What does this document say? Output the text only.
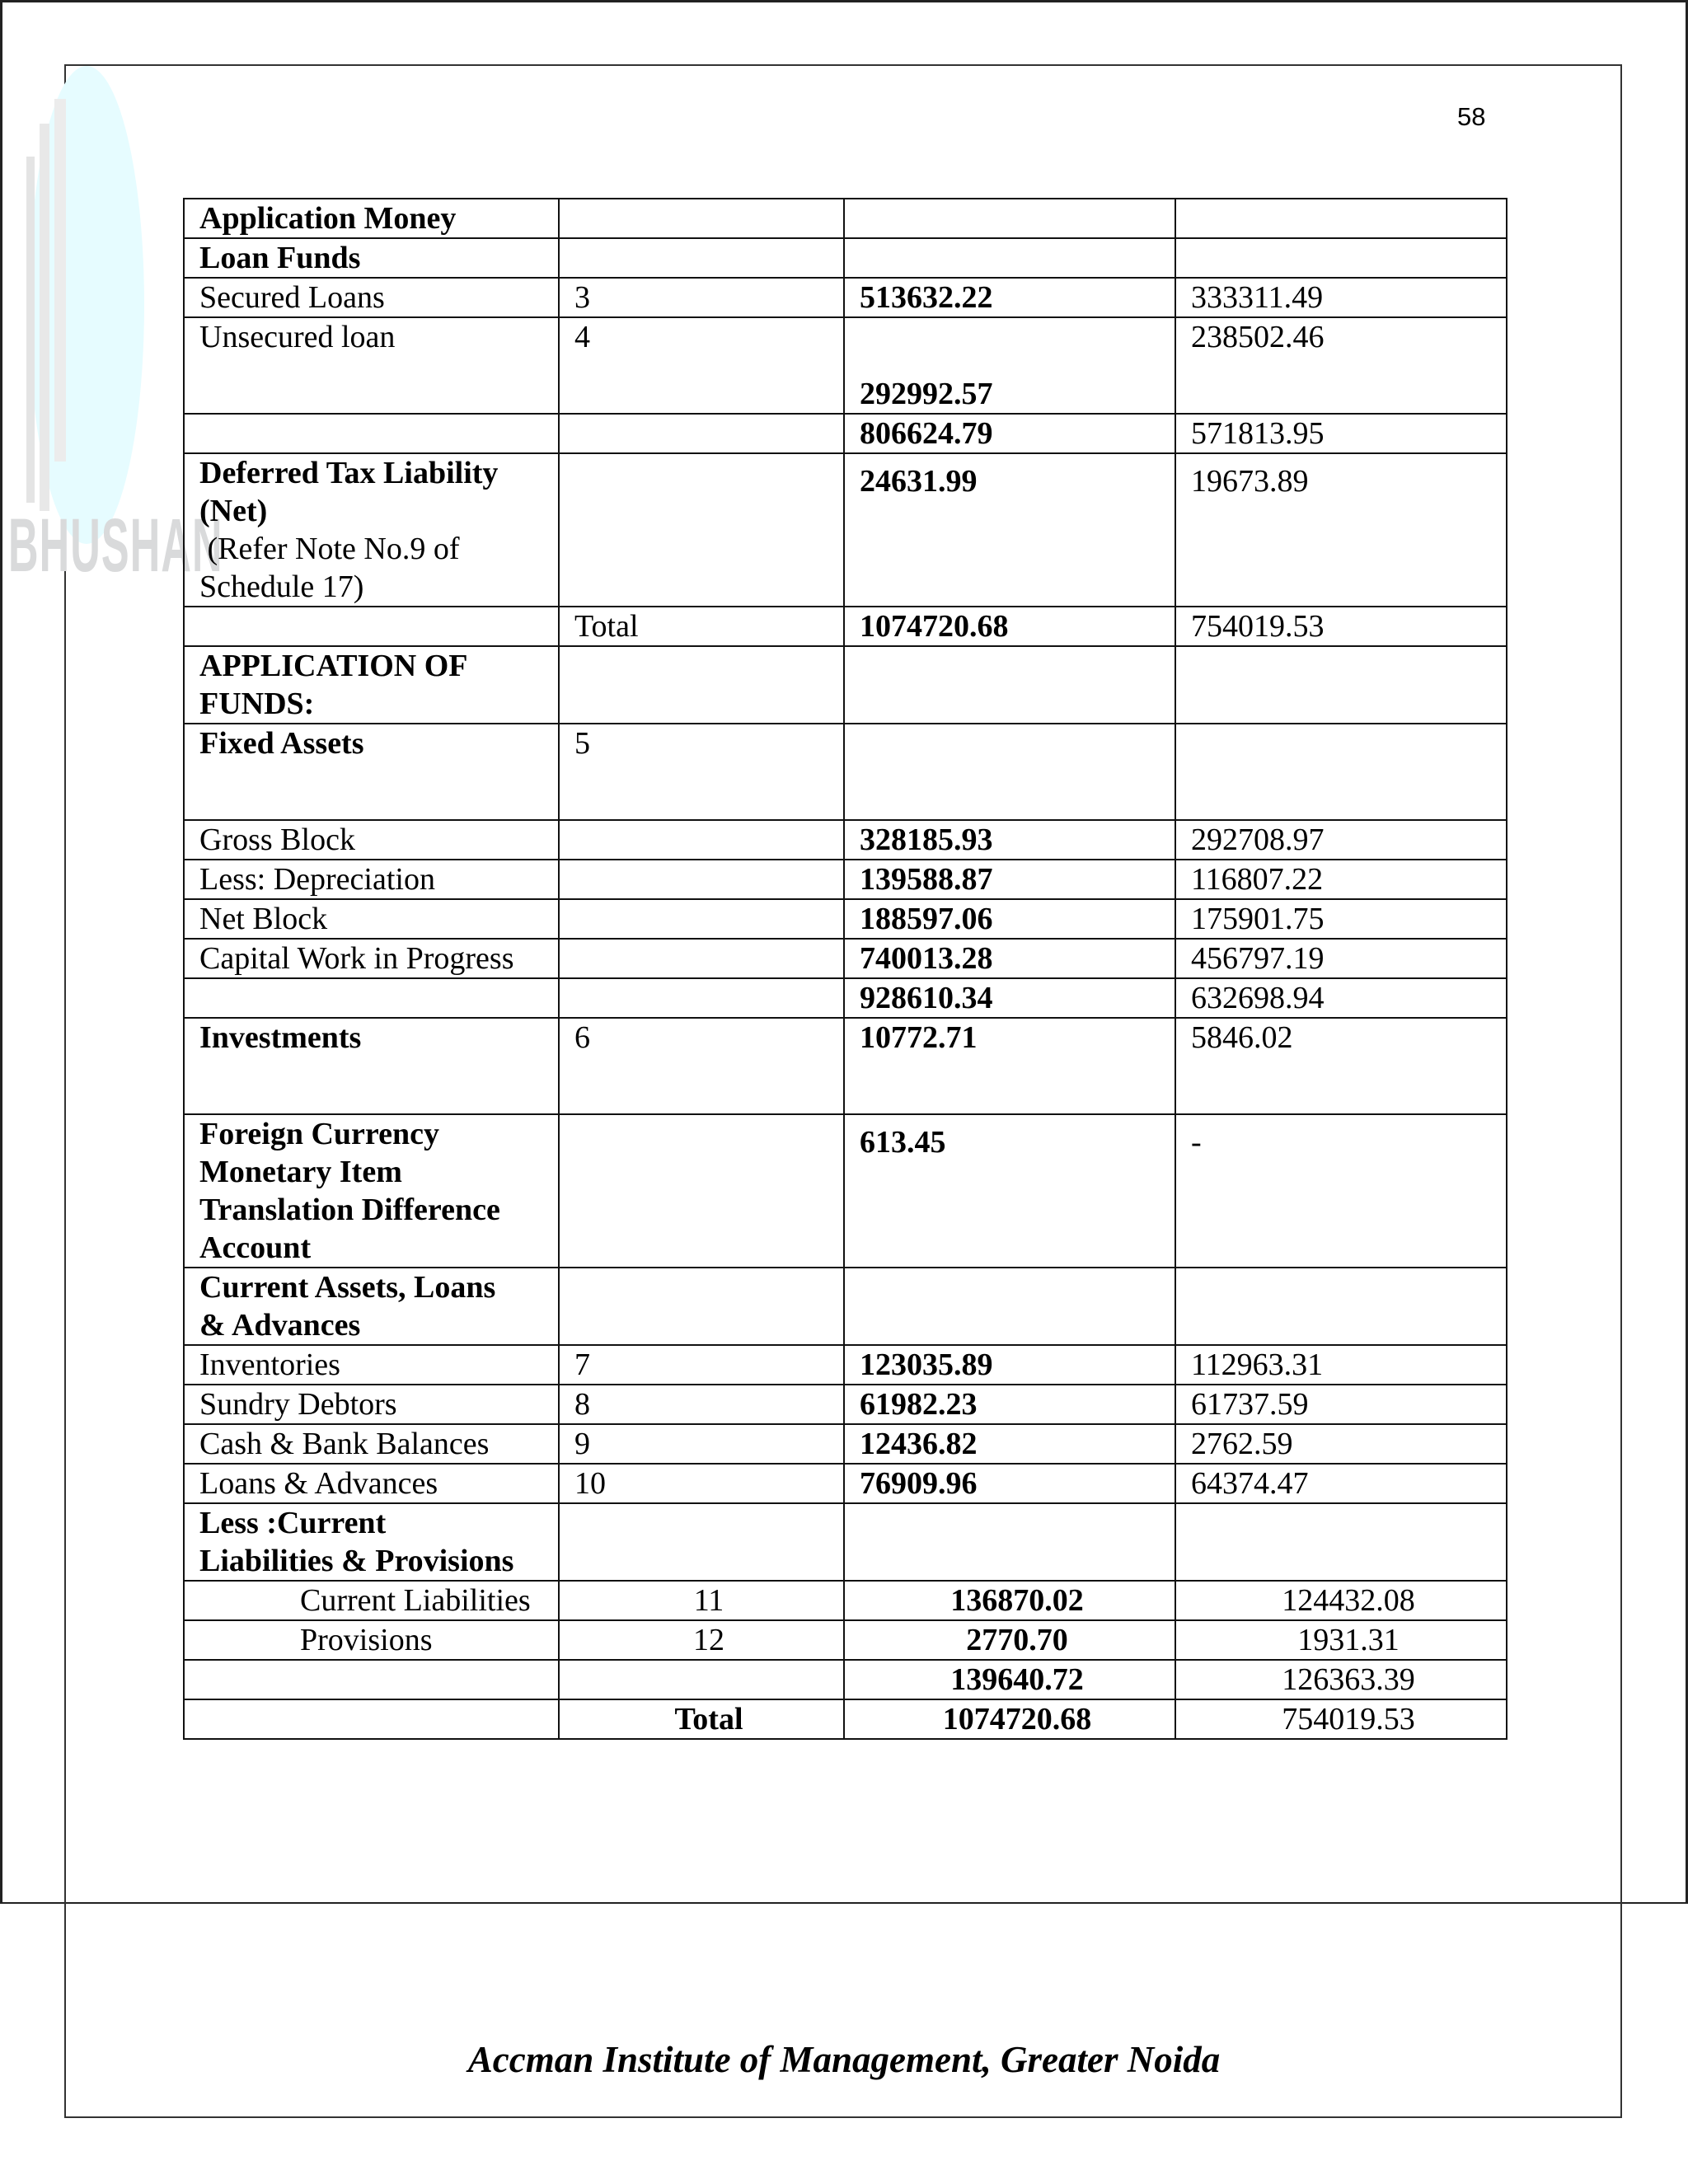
BHUSHAN
58
Application Money			
Loan Funds			
Secured Loans	3	513632.22	333311.49
Unsecured loan	4	292992.57	238502.46
		806624.79	571813.95

Deferred Tax Liability
(Net)
(Refer Note No.9 of
Schedule 17)		24631.99	19673.89
	Total	1074720.68	754019.53

APPLICATION OF
FUNDS:			

Fixed Assets	5		
Gross Block		328185.93	292708.97
Less: Depreciation		139588.87	116807.22
Net Block		188597.06	175901.75
Capital Work in Progress		740013.28	456797.19
		928610.34	632698.94
Investments	6	10772.71	5846.02

Foreign Currency
Monetary Item
Translation Difference
Account		613.45	-

Current Assets, Loans
& Advances			

Inventories	7	123035.89	112963.31
Sundry Debtors	8	61982.23	61737.59
Cash & Bank Balances	9	12436.82	2762.59
Loans & Advances	10	76909.96	64374.47

Less :Current
Liabilities & Provisions			

Current Liabilities	11	136870.02	124432.08
Provisions	12	2770.70	1931.31
		139640.72	126363.39
	Total	1074720.68	754019.53
Accman Institute of Management, Greater Noida
